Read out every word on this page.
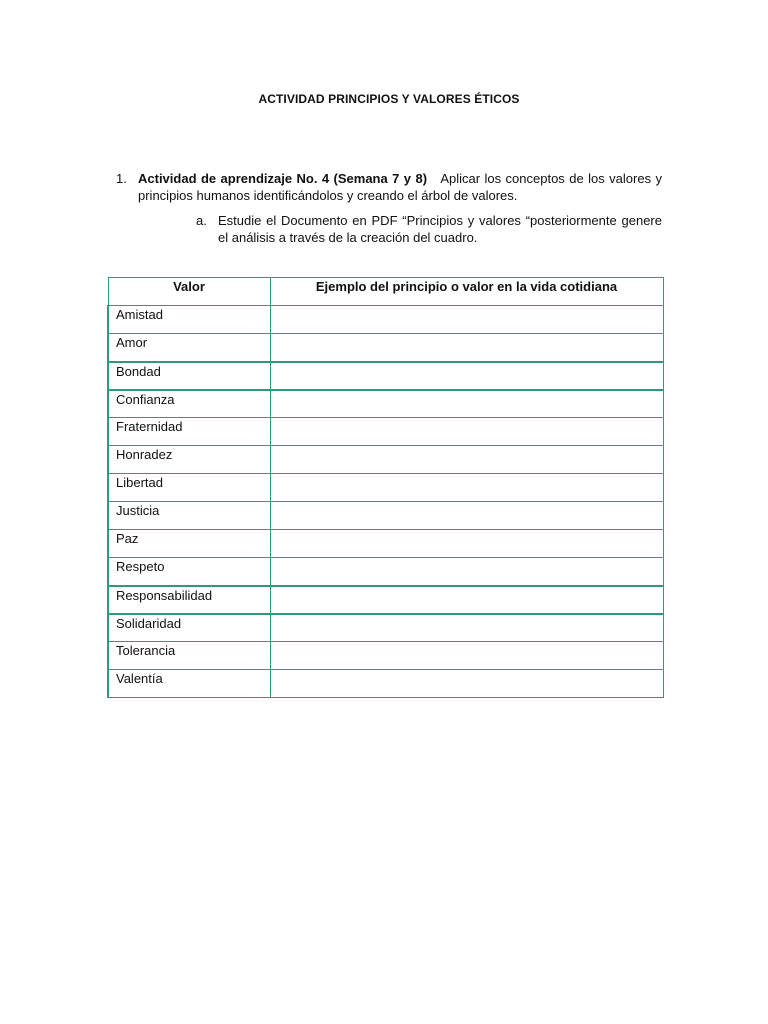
ACTIVIDAD PRINCIPIOS Y VALORES ÉTICOS
1. Actividad de aprendizaje No. 4 (Semana 7 y 8) Aplicar los conceptos de los valores y principios humanos identificándolos y creando el árbol de valores.
a. Estudie el Documento en PDF “Principios y valores “posteriormente genere el análisis a través de la creación del cuadro.
Valor	Ejemplo del principio o valor en la vida cotidiana
Amistad	
Amor	
Bondad	
Confianza	
Fraternidad	
Honradez	
Libertad	
Justicia	
Paz	
Respeto	
Responsabilidad	
Solidaridad	
Tolerancia	
Valentía	
